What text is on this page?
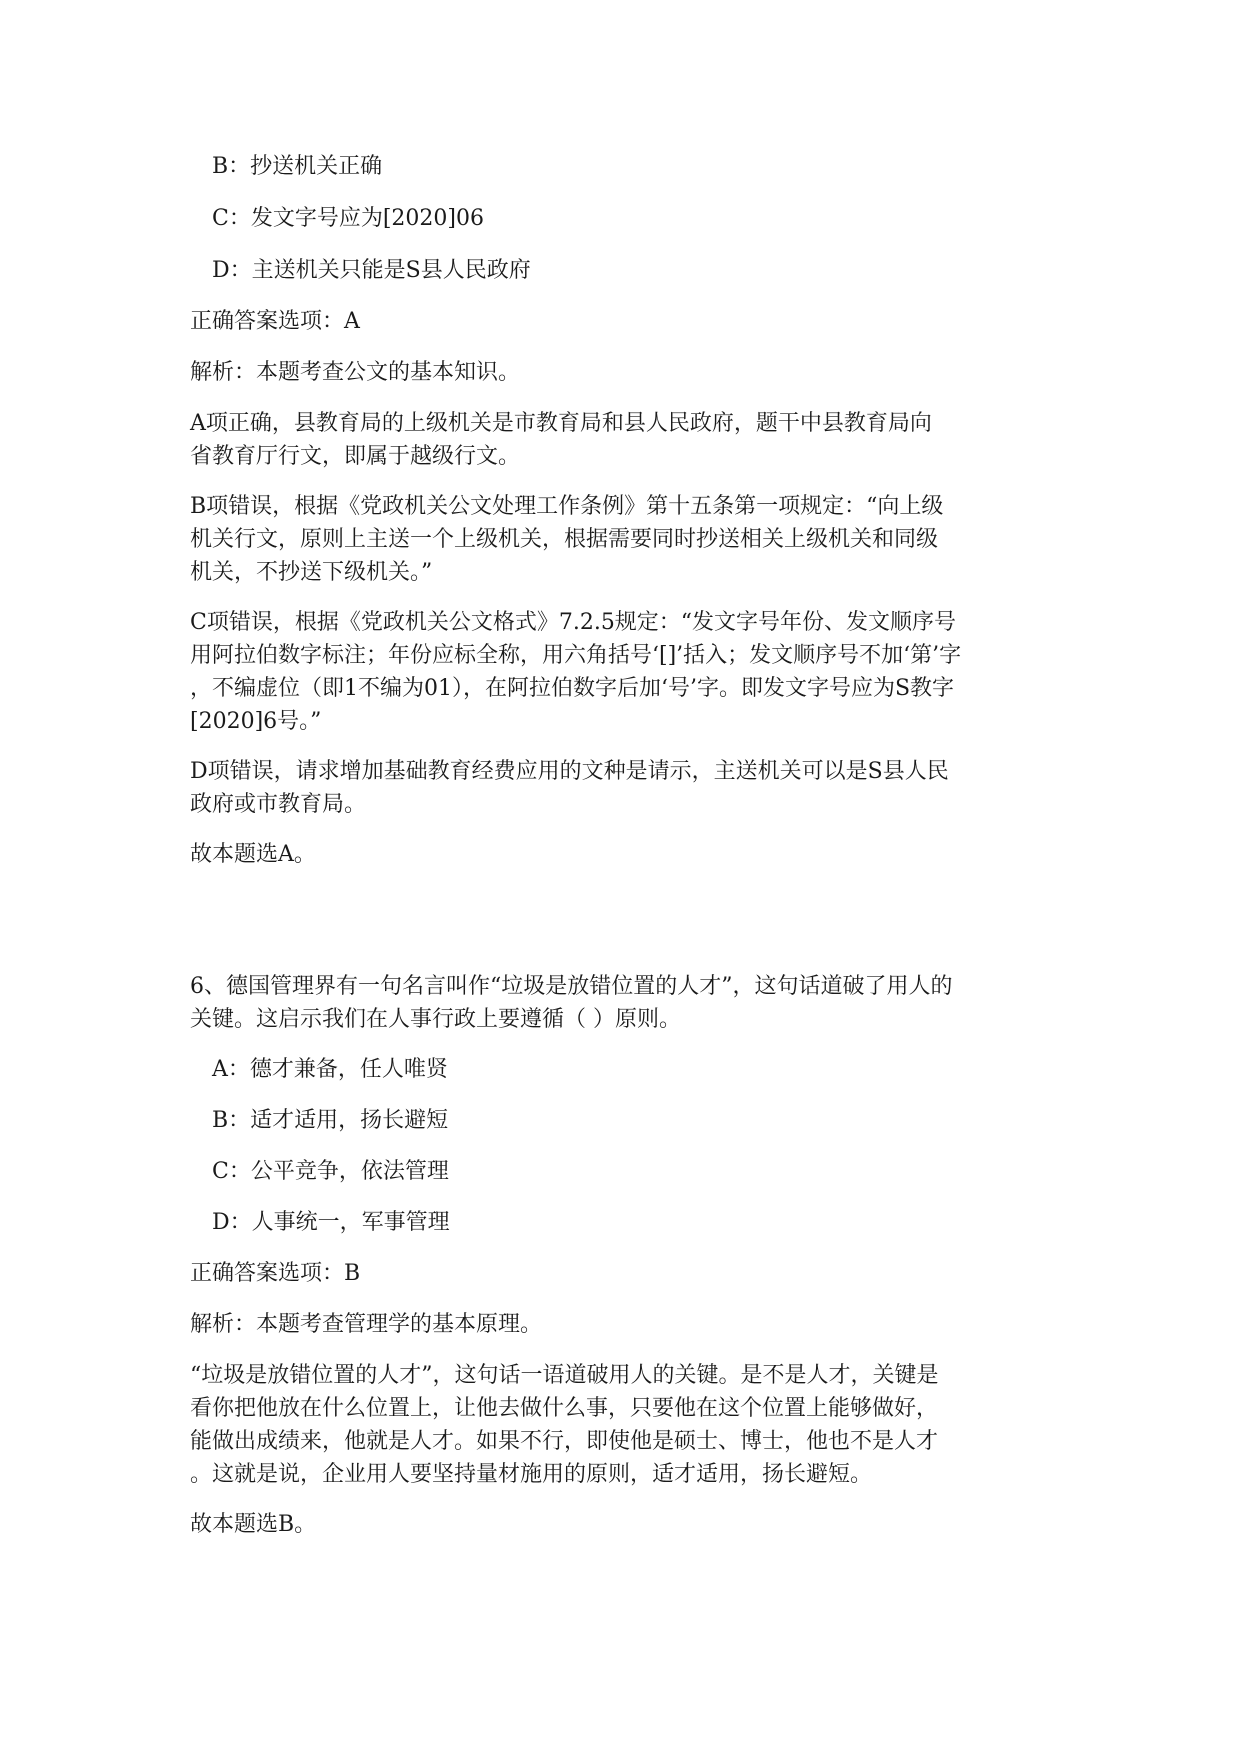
B：抄送机关正确
C：发文字号应为[2020]06
D：主送机关只能是S县人民政府
正确答案选项：A
解析：本题考查公文的基本知识。
A项正确，县教育局的上级机关是市教育局和县人民政府，题干中县教育局向
省教育厅行文，即属于越级行文。
B项错误，根据《党政机关公文处理工作条例》第十五条第一项规定：“向上级
机关行文，原则上主送一个上级机关，根据需要同时抄送相关上级机关和同级
机关，不抄送下级机关。”
C项错误，根据《党政机关公文格式》7.2.5规定：“发文字号年份、发文顺序号
用阿拉伯数字标注；年份应标全称，用六角括号‘[]’括入；发文顺序号不加‘第’字
，不编虚位（即1不编为01），在阿拉伯数字后加‘号’字。即发文字号应为S教字
[2020]6号。”
D项错误，请求增加基础教育经费应用的文种是请示，主送机关可以是S县人民
政府或市教育局。
故本题选A。
6、德国管理界有一句名言叫作“垃圾是放错位置的人才”，这句话道破了用人的
关键。这启示我们在人事行政上要遵循（ ）原则。
A：德才兼备，任人唯贤
B：适才适用，扬长避短
C：公平竞争，依法管理
D：人事统一，军事管理
正确答案选项：B
解析：本题考查管理学的基本原理。
“垃圾是放错位置的人才”，这句话一语道破用人的关键。是不是人才，关键是
看你把他放在什么位置上，让他去做什么事，只要他在这个位置上能够做好，
能做出成绩来，他就是人才。如果不行，即使他是硕士、博士，他也不是人才
。这就是说，企业用人要坚持量材施用的原则，适才适用，扬长避短。
故本题选B。
